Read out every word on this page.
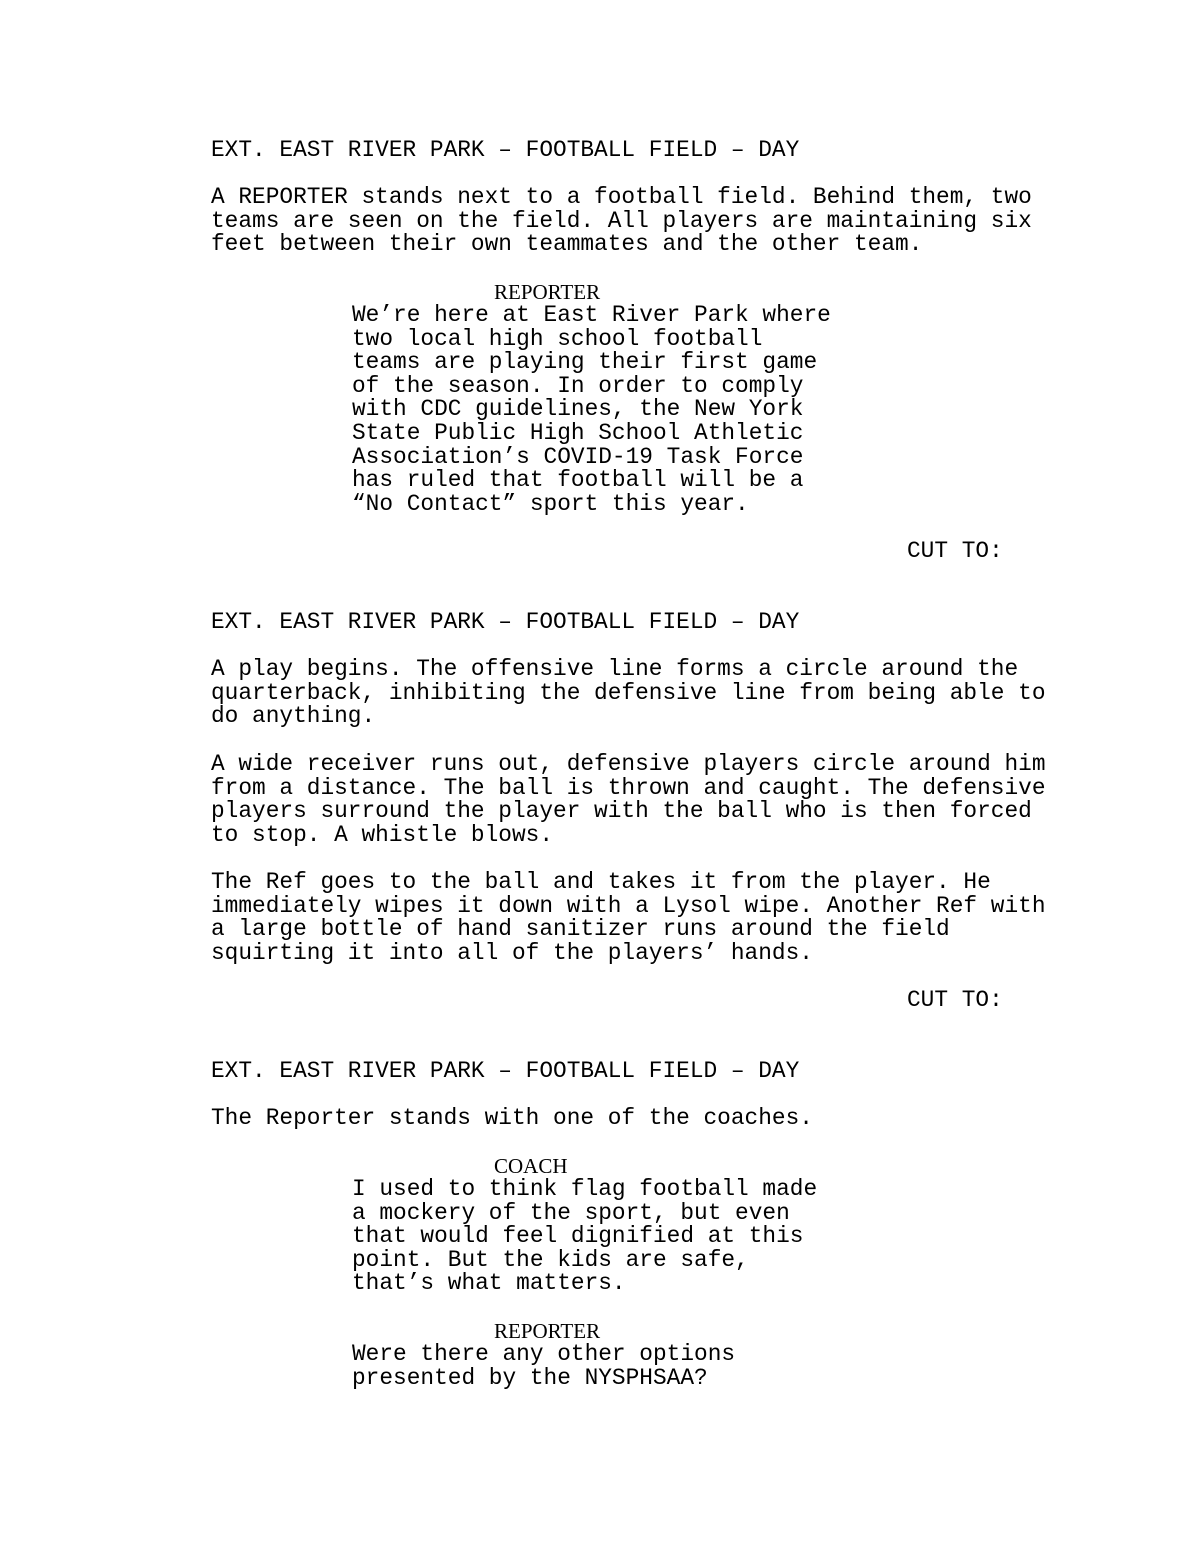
EXT. EAST RIVER PARK – FOOTBALL FIELD – DAY

A REPORTER stands next to a football field. Behind them, two
teams are seen on the field. All players are maintaining six
feet between their own teammates and the other team.

REPORTER

We’re here at East River Park where
two local high school football
teams are playing their first game
of the season. In order to comply
with CDC guidelines, the New York
State Public High School Athletic
Association’s COVID-19 Task Force
has ruled that football will be a
“No Contact” sport this year.

CUT TO:

EXT. EAST RIVER PARK – FOOTBALL FIELD – DAY

A play begins. The offensive line forms a circle around the
quarterback, inhibiting the defensive line from being able to
do anything.

A wide receiver runs out, defensive players circle around him
from a distance. The ball is thrown and caught. The defensive
players surround the player with the ball who is then forced
to stop. A whistle blows.

The Ref goes to the ball and takes it from the player. He
immediately wipes it down with a Lysol wipe. Another Ref with
a large bottle of hand sanitizer runs around the field
squirting it into all of the players’ hands.

CUT TO:

EXT. EAST RIVER PARK – FOOTBALL FIELD – DAY

The Reporter stands with one of the coaches.

COACH

I used to think flag football made
a mockery of the sport, but even
that would feel dignified at this
point. But the kids are safe,
that’s what matters.

REPORTER

Were there any other options
presented by the NYSPHSAA?
